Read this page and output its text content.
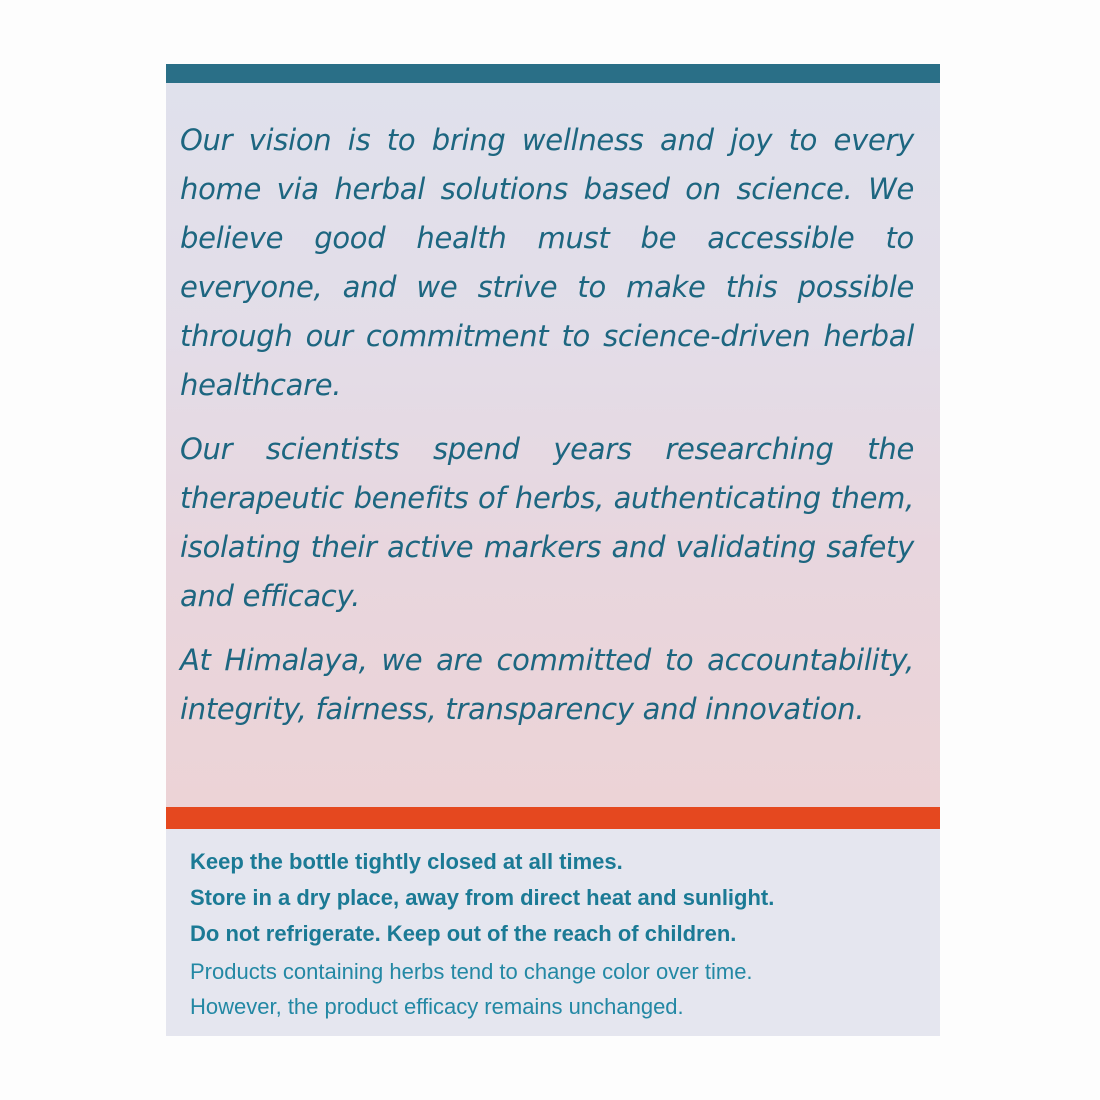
Our vision is to bring wellness and joy to every home via herbal solutions based on science. We believe good health must be accessible to everyone, and we strive to make this possible through our commitment to science-driven herbal healthcare.

Our scientists spend years researching the therapeutic benefits of herbs, authenticating them, isolating their active markers and validating safety and efficacy.

At Himalaya, we are committed to accountability, integrity, fairness, transparency and innovation.

Keep the bottle tightly closed at all times.
Store in a dry place, away from direct heat and sunlight.
Do not refrigerate. Keep out of the reach of children.
Products containing herbs tend to change color over time.
However, the product efficacy remains unchanged.
